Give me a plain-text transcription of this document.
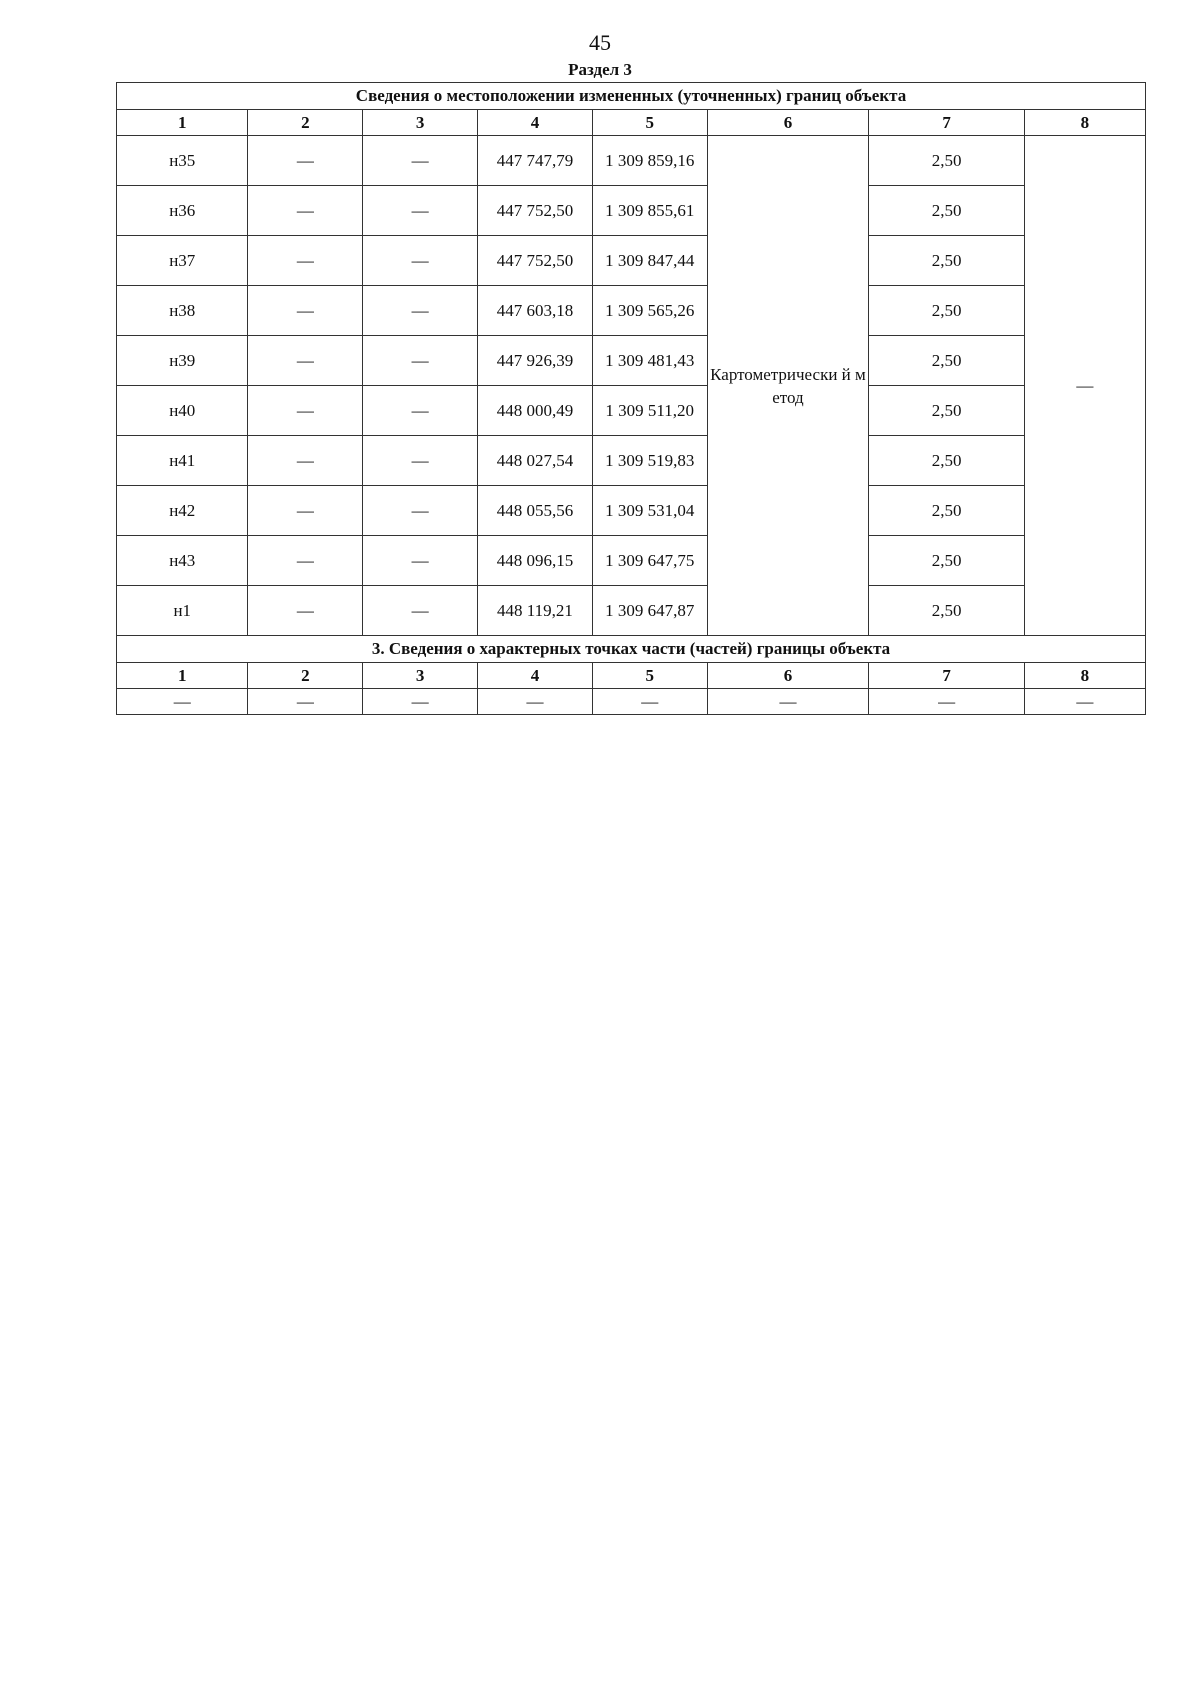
45
Раздел 3
Сведения о местоположении измененных (уточненных) границ объекта							
1	2	3	4	5	6	7	8
н35	—	—	447 747,79	1 309 859,16	Картометрически й метод	2,50	—
н36	—	—	447 752,50	1 309 855,61		2,50	
н37	—	—	447 752,50	1 309 847,44		2,50	
н38	—	—	447 603,18	1 309 565,26		2,50	
н39	—	—	447 926,39	1 309 481,43		2,50	
н40	—	—	448 000,49	1 309 511,20		2,50	
н41	—	—	448 027,54	1 309 519,83		2,50	
н42	—	—	448 055,56	1 309 531,04		2,50	
н43	—	—	448 096,15	1 309 647,75		2,50	
н1	—	—	448 119,21	1 309 647,87		2,50	
3. Сведения о характерных точках части (частей) границы объекта							
1	2	3	4	5	6	7	8
—	—	—	—	—	—	—	—
